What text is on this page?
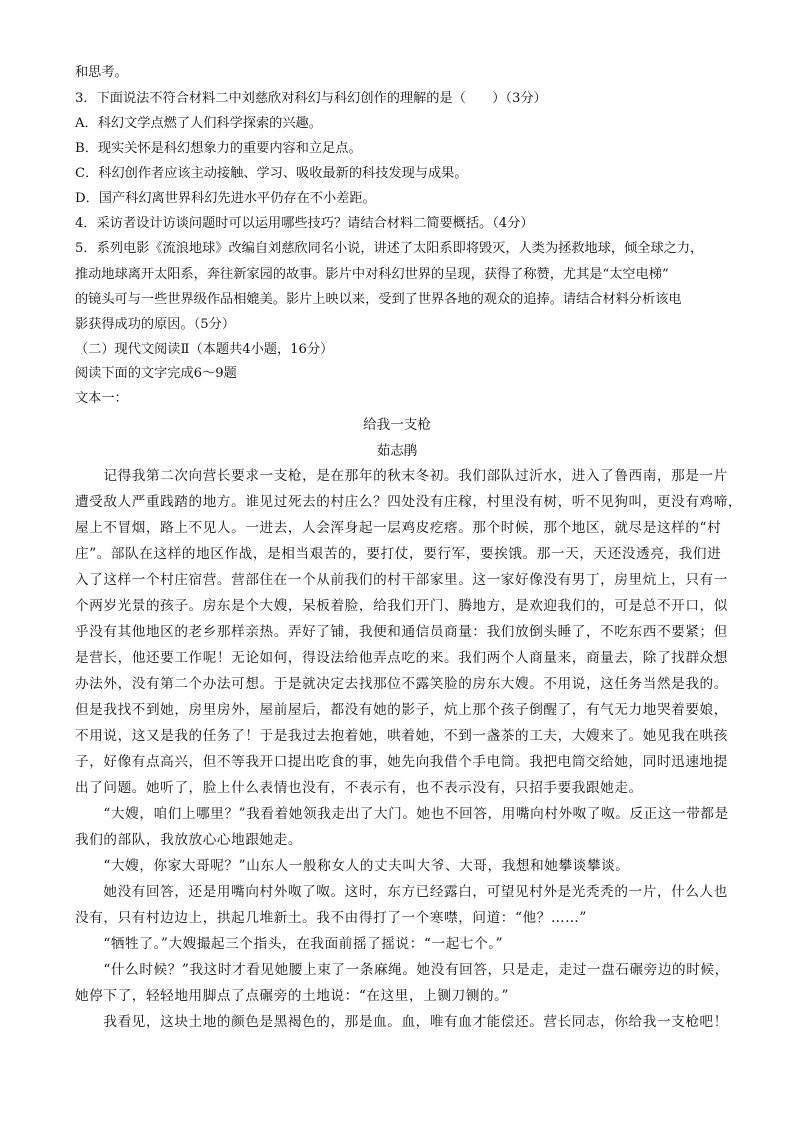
和思考。

3．下面说法不符合材料二中刘慈欣对科幻与科幻创作的理解的是（　　）（3分）

A．科幻文学点燃了人们科学探索的兴趣。

B．现实关怀是科幻想象力的重要内容和立足点。

C．科幻创作者应该主动接触、学习、吸收最新的科技发现与成果。

D．国产科幻离世界科幻先进水平仍存在不小差距。

4．采访者设计访谈问题时可以运用哪些技巧？请结合材料二简要概括。（4分）

5．系列电影《流浪地球》改编自刘慈欣同名小说，讲述了太阳系即将毁灭，人类为拯救地球，倾全球之力，

推动地球离开太阳系，奔往新家园的故事。影片中对科幻世界的呈现，获得了称赞，尤其是“太空电梯”

的镜头可与一些世界级作品相媲美。影片上映以来，受到了世界各地的观众的追捧。请结合材料分析该电

影获得成功的原因。（5分）

（二）现代文阅读Ⅱ（本题共4小题，16分）

阅读下面的文字完成6～9题

文本一：

给我一支枪

茹志鹃

　　记得我第二次向营长要求一支枪，是在那年的秋末冬初。我们部队过沂水，进入了鲁西南，那是一片

遭受敌人严重践踏的地方。谁见过死去的村庄么？四处没有庄稼，村里没有树，听不见狗叫，更没有鸡啼，

屋上不冒烟，路上不见人。一进去，人会浑身起一层鸡皮疙瘩。那个时候，那个地区，就尽是这样的“村

庄”。部队在这样的地区作战，是相当艰苦的，要打仗，要行军，要挨饿。那一天，天还没透亮，我们进

入了这样一个村庄宿营。营部住在一个从前我们的村干部家里。这一家好像没有男丁，房里炕上，只有一

个两岁光景的孩子。房东是个大嫂，呆板着脸，给我们开门、腾地方，是欢迎我们的，可是总不开口，似

乎没有其他地区的老乡那样亲热。弄好了铺，我便和通信员商量：我们放倒头睡了，不吃东西不要紧；但

是营长，他还要工作呢！无论如何，得设法给他弄点吃的来。我们两个人商量来，商量去，除了找群众想

办法外，没有第二个办法可想。于是就决定去找那位不露笑脸的房东大嫂。不用说，这任务当然是我的。

但是我找不到她，房里房外，屋前屋后，都没有她的影子，炕上那个孩子倒醒了，有气无力地哭着要娘，

不用说，这又是我的任务了！于是我过去抱着她，哄着她，不到一盏茶的工夫，大嫂来了。她见我在哄孩

子，好像有点高兴，但不等我开口提出吃食的事，她先向我借个手电筒。我把电筒交给她，同时迅速地提

出了问题。她听了，脸上什么表情也没有，不表示有，也不表示没有，只招手要我跟她走。

　　“大嫂，咱们上哪里？”我看着她领我走出了大门。她也不回答，用嘴向村外呶了呶。反正这一带都是

我们的部队，我放放心心地跟她走。

　　“大嫂，你家大哥呢？”山东人一般称女人的丈夫叫大爷、大哥，我想和她攀谈攀谈。

　　她没有回答，还是用嘴向村外呶了呶。这时，东方已经露白，可望见村外是光秃秃的一片，什么人也

没有，只有村边边上，拱起几堆新土。我不由得打了一个寒噤，问道：“他？……”

　　“牺牲了。”大嫂撮起三个指头，在我面前摇了摇说：“一起七个。”

　　“什么时候？”我这时才看见她腰上束了一条麻绳。她没有回答，只是走，走过一盘石碾旁边的时候，

她停下了，轻轻地用脚点了点碾旁的土地说：“在这里，上铡刀铡的。”

　　我看见，这块土地的颜色是黑褐色的，那是血。血，唯有血才能偿还。营长同志，你给我一支枪吧！
